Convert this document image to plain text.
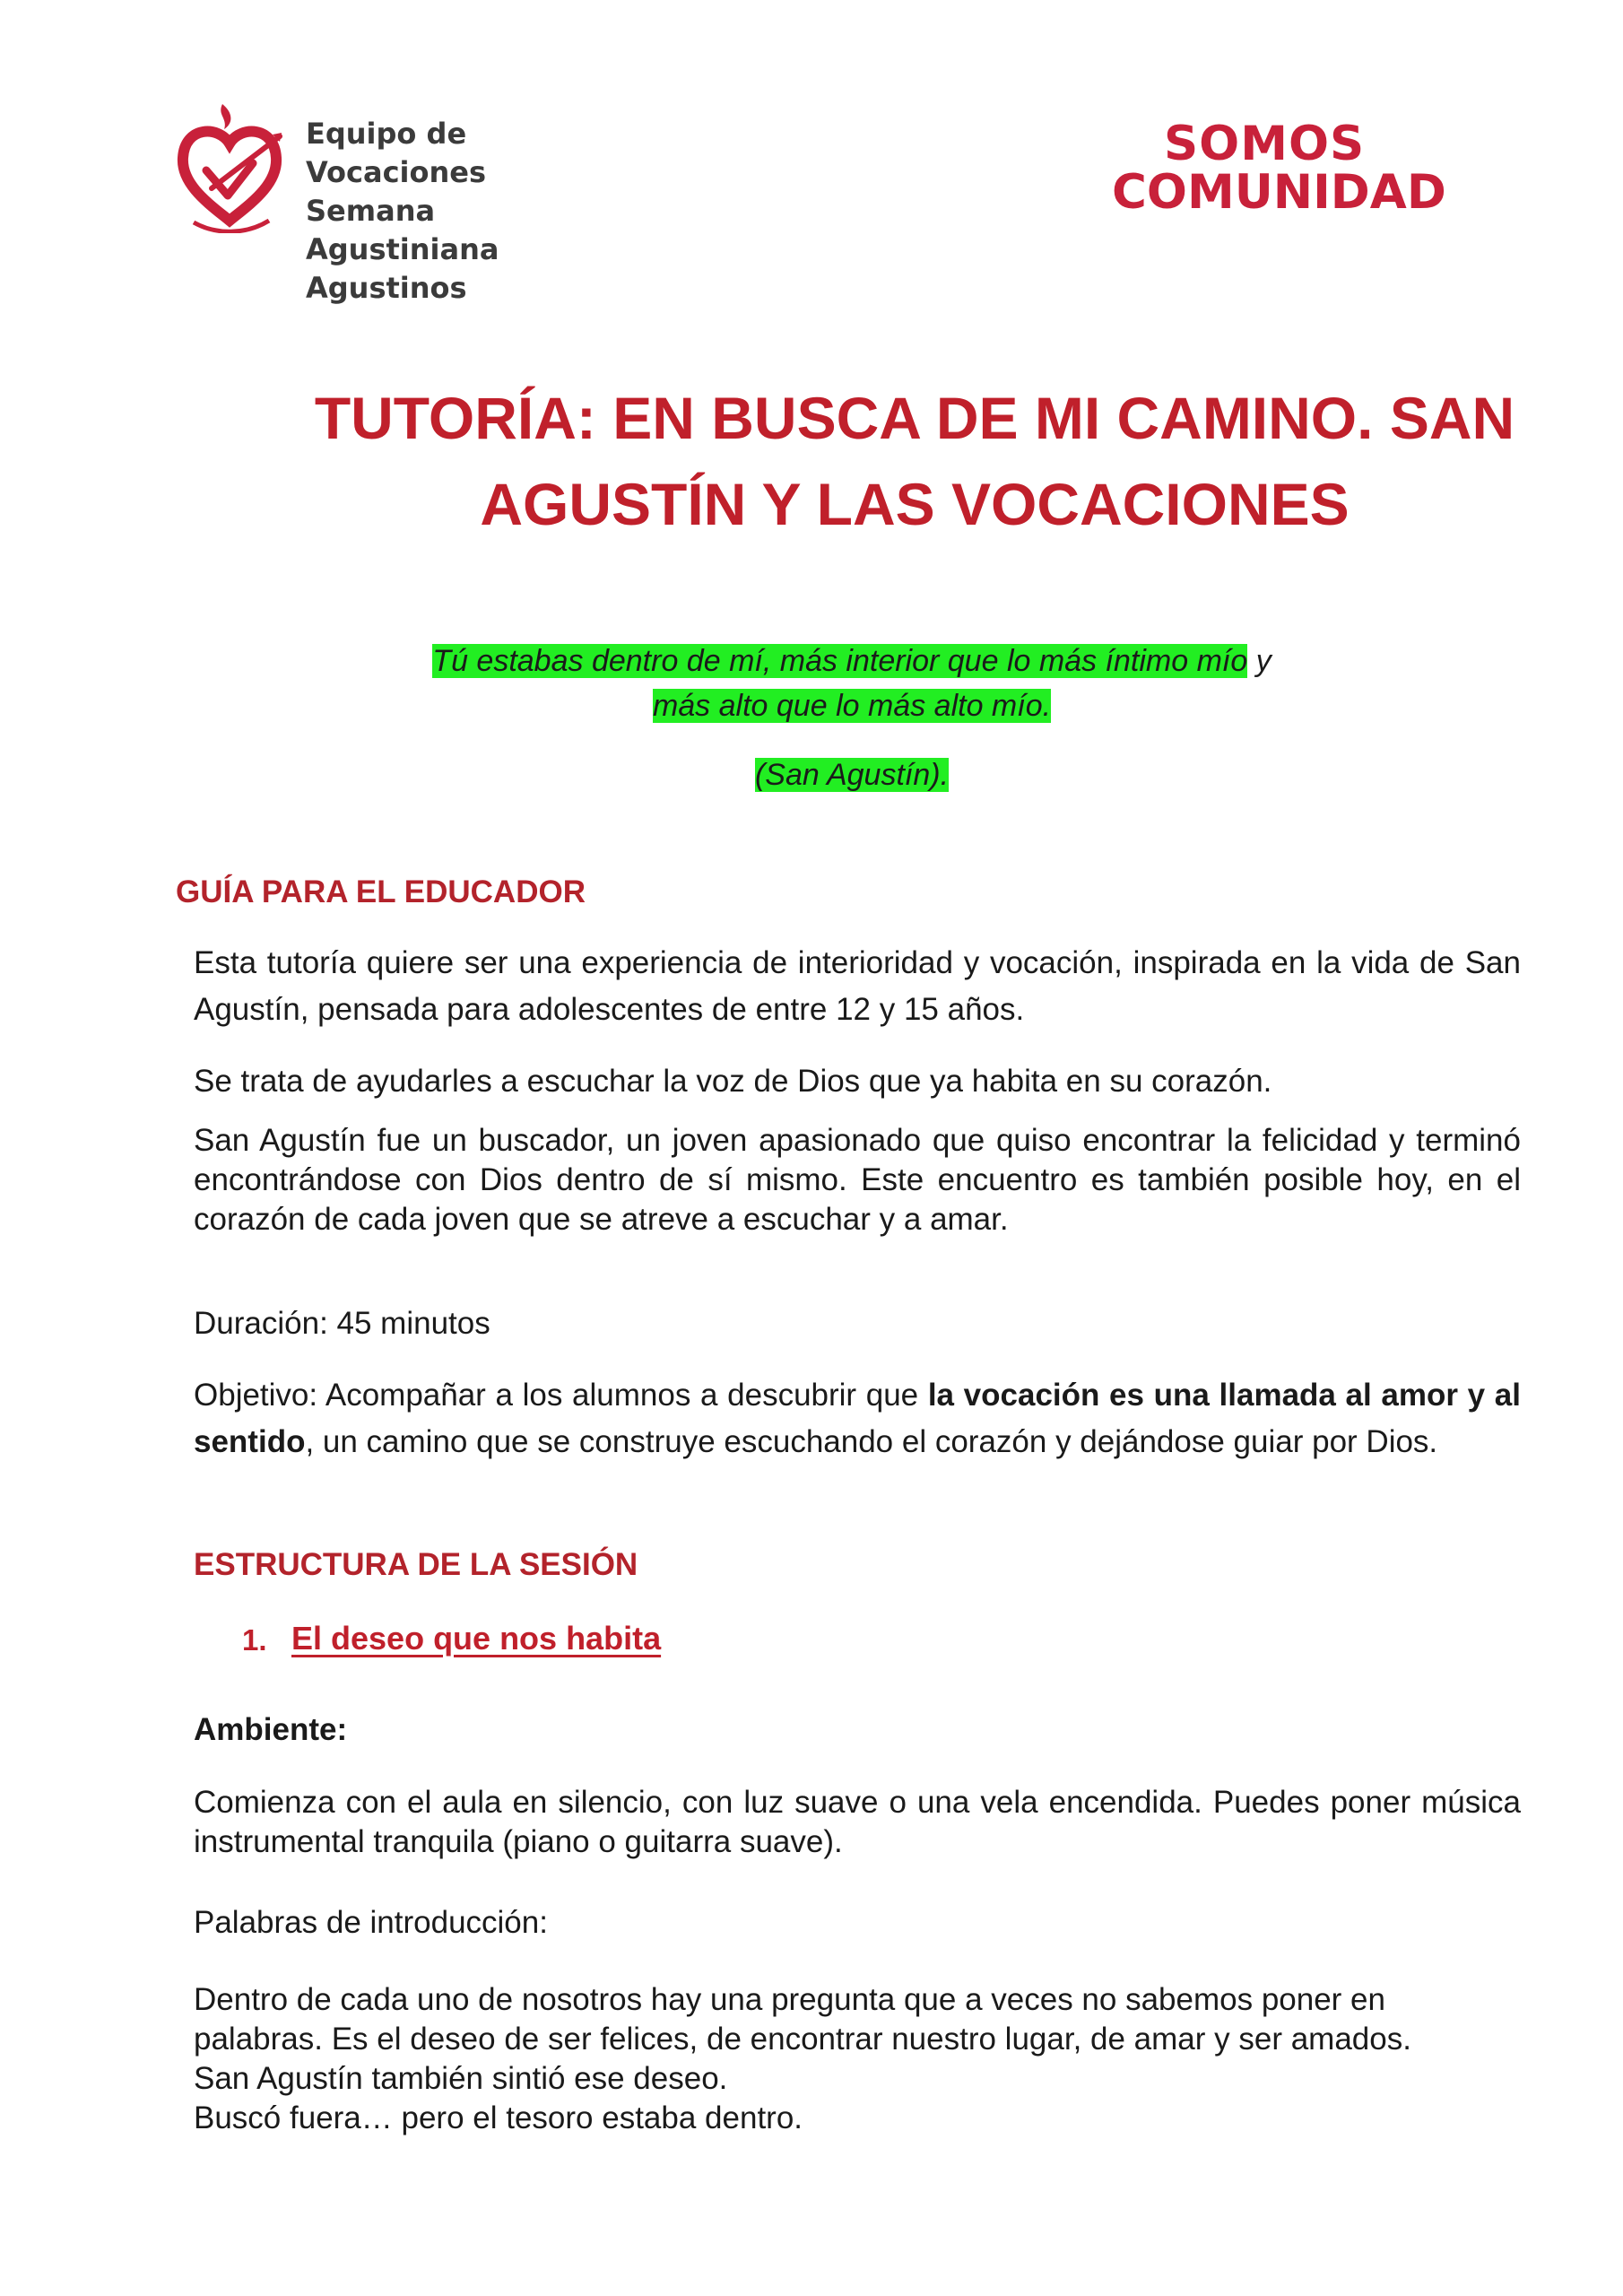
Equipo de Vocaciones
Semana Agustiniana
Agustinos
SOMOS
COMUNIDAD
TUTORÍA: EN BUSCA DE MI CAMINO. SAN
AGUSTÍN Y LAS VOCACIONES
Tú estabas dentro de mí, más interior que lo más íntimo mío y
más alto que lo más alto mío.
(San Agustín).
GUÍA PARA EL EDUCADOR
Esta tutoría quiere ser una experiencia de interioridad y vocación, inspirada en la vida de San Agustín, pensada para adolescentes de entre 12 y 15 años.
Se trata de ayudarles a escuchar la voz de Dios que ya habita en su corazón.
San Agustín fue un buscador, un joven apasionado que quiso encontrar la felicidad y terminó encontrándose con Dios dentro de sí mismo. Este encuentro es también posible hoy, en el corazón de cada joven que se atreve a escuchar y a amar.
Duración: 45 minutos
Objetivo: Acompañar a los alumnos a descubrir que la vocación es una llamada al amor y al sentido, un camino que se construye escuchando el corazón y dejándose guiar por Dios.
ESTRUCTURA DE LA SESIÓN
1. El deseo que nos habita
Ambiente:
Comienza con el aula en silencio, con luz suave o una vela encendida. Puedes poner música instrumental tranquila (piano o guitarra suave).
Palabras de introducción:
Dentro de cada uno de nosotros hay una pregunta que a veces no sabemos poner en
palabras. Es el deseo de ser felices, de encontrar nuestro lugar, de amar y ser amados.
San Agustín también sintió ese deseo.
Buscó fuera… pero el tesoro estaba dentro.
